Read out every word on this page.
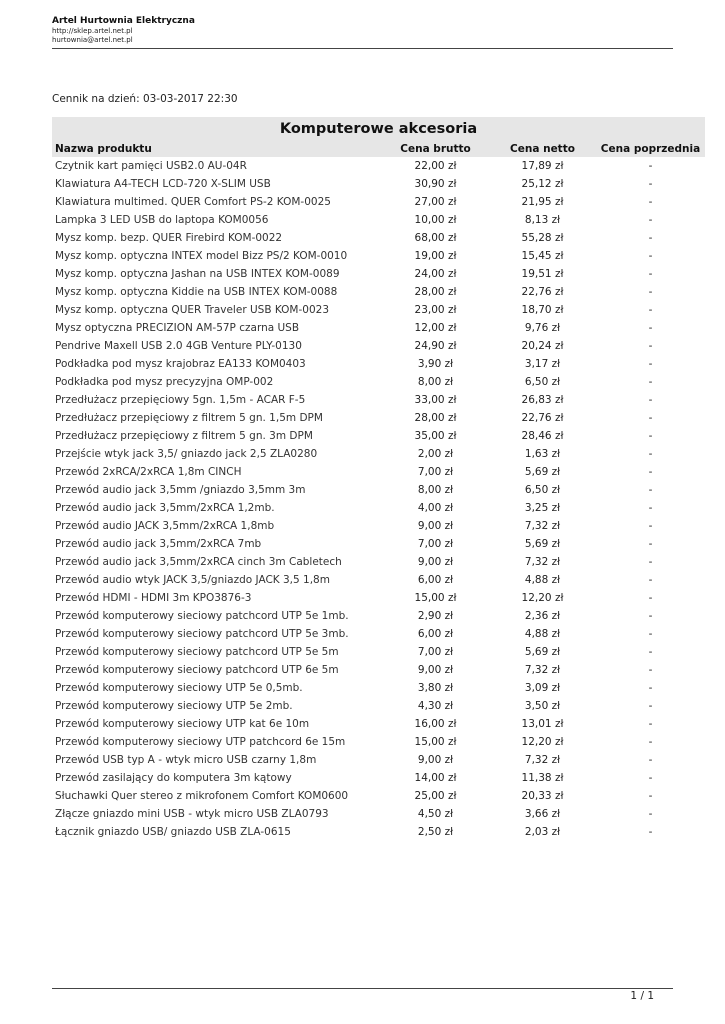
Artel Hurtownia Elektryczna
http://sklep.artel.net.pl
hurtownia@artel.net.pl
Cennik na dzień: 03-03-2017 22:30
Komputerowe akcesoria
Nazwa produktu	Cena brutto	Cena netto	Cena poprzednia
Czytnik kart pamięci USB2.0 AU-04R	22,00 zł	17,89 zł	-
Klawiatura A4-TECH LCD-720 X-SLIM USB	30,90 zł	25,12 zł	-
Klawiatura multimed. QUER Comfort PS-2 KOM-0025	27,00 zł	21,95 zł	-
Lampka 3 LED USB do laptopa KOM0056	10,00 zł	8,13 zł	-
Mysz komp. bezp. QUER Firebird KOM-0022	68,00 zł	55,28 zł	-
Mysz komp. optyczna INTEX model Bizz PS/2 KOM-0010	19,00 zł	15,45 zł	-
Mysz komp. optyczna Jashan na USB INTEX KOM-0089	24,00 zł	19,51 zł	-
Mysz komp. optyczna Kiddie na USB INTEX KOM-0088	28,00 zł	22,76 zł	-
Mysz komp. optyczna QUER Traveler USB KOM-0023	23,00 zł	18,70 zł	-
Mysz optyczna PRECIZION AM-57P czarna USB	12,00 zł	9,76 zł	-
Pendrive Maxell USB 2.0 4GB Venture PLY-0130	24,90 zł	20,24 zł	-
Podkładka pod mysz krajobraz EA133 KOM0403	3,90 zł	3,17 zł	-
Podkładka pod mysz precyzyjna OMP-002	8,00 zł	6,50 zł	-
Przedłużacz przepięciowy 5gn. 1,5m - ACAR F-5	33,00 zł	26,83 zł	-
Przedłużacz przepięciowy z filtrem 5 gn. 1,5m DPM	28,00 zł	22,76 zł	-
Przedłużacz przepięciowy z filtrem 5 gn. 3m DPM	35,00 zł	28,46 zł	-
Przejście wtyk jack 3,5/ gniazdo jack 2,5 ZLA0280	2,00 zł	1,63 zł	-
Przewód 2xRCA/2xRCA 1,8m CINCH	7,00 zł	5,69 zł	-
Przewód audio jack 3,5mm /gniazdo 3,5mm 3m	8,00 zł	6,50 zł	-
Przewód audio jack 3,5mm/2xRCA 1,2mb.	4,00 zł	3,25 zł	-
Przewód audio JACK 3,5mm/2xRCA 1,8mb	9,00 zł	7,32 zł	-
Przewód audio jack 3,5mm/2xRCA 7mb	7,00 zł	5,69 zł	-
Przewód audio jack 3,5mm/2xRCA cinch 3m Cabletech	9,00 zł	7,32 zł	-
Przewód audio wtyk JACK 3,5/gniazdo JACK 3,5 1,8m	6,00 zł	4,88 zł	-
Przewód HDMI - HDMI 3m KPO3876-3	15,00 zł	12,20 zł	-
Przewód komputerowy sieciowy patchcord UTP 5e 1mb.	2,90 zł	2,36 zł	-
Przewód komputerowy sieciowy patchcord UTP 5e 3mb.	6,00 zł	4,88 zł	-
Przewód komputerowy sieciowy patchcord UTP 5e 5m	7,00 zł	5,69 zł	-
Przewód komputerowy sieciowy patchcord UTP 6e 5m	9,00 zł	7,32 zł	-
Przewód komputerowy sieciowy UTP 5e 0,5mb.	3,80 zł	3,09 zł	-
Przewód komputerowy sieciowy UTP 5e 2mb.	4,30 zł	3,50 zł	-
Przewód komputerowy sieciowy UTP kat 6e 10m	16,00 zł	13,01 zł	-
Przewód komputerowy sieciowy UTP patchcord 6e 15m	15,00 zł	12,20 zł	-
Przewód USB typ A - wtyk micro USB czarny 1,8m	9,00 zł	7,32 zł	-
Przewód zasilający do komputera 3m kątowy	14,00 zł	11,38 zł	-
Słuchawki Quer stereo z mikrofonem Comfort KOM0600	25,00 zł	20,33 zł	-
Złącze gniazdo mini USB - wtyk micro USB ZLA0793	4,50 zł	3,66 zł	-
Łącznik gniazdo USB/ gniazdo USB ZLA-0615	2,50 zł	2,03 zł	-
1 / 1
